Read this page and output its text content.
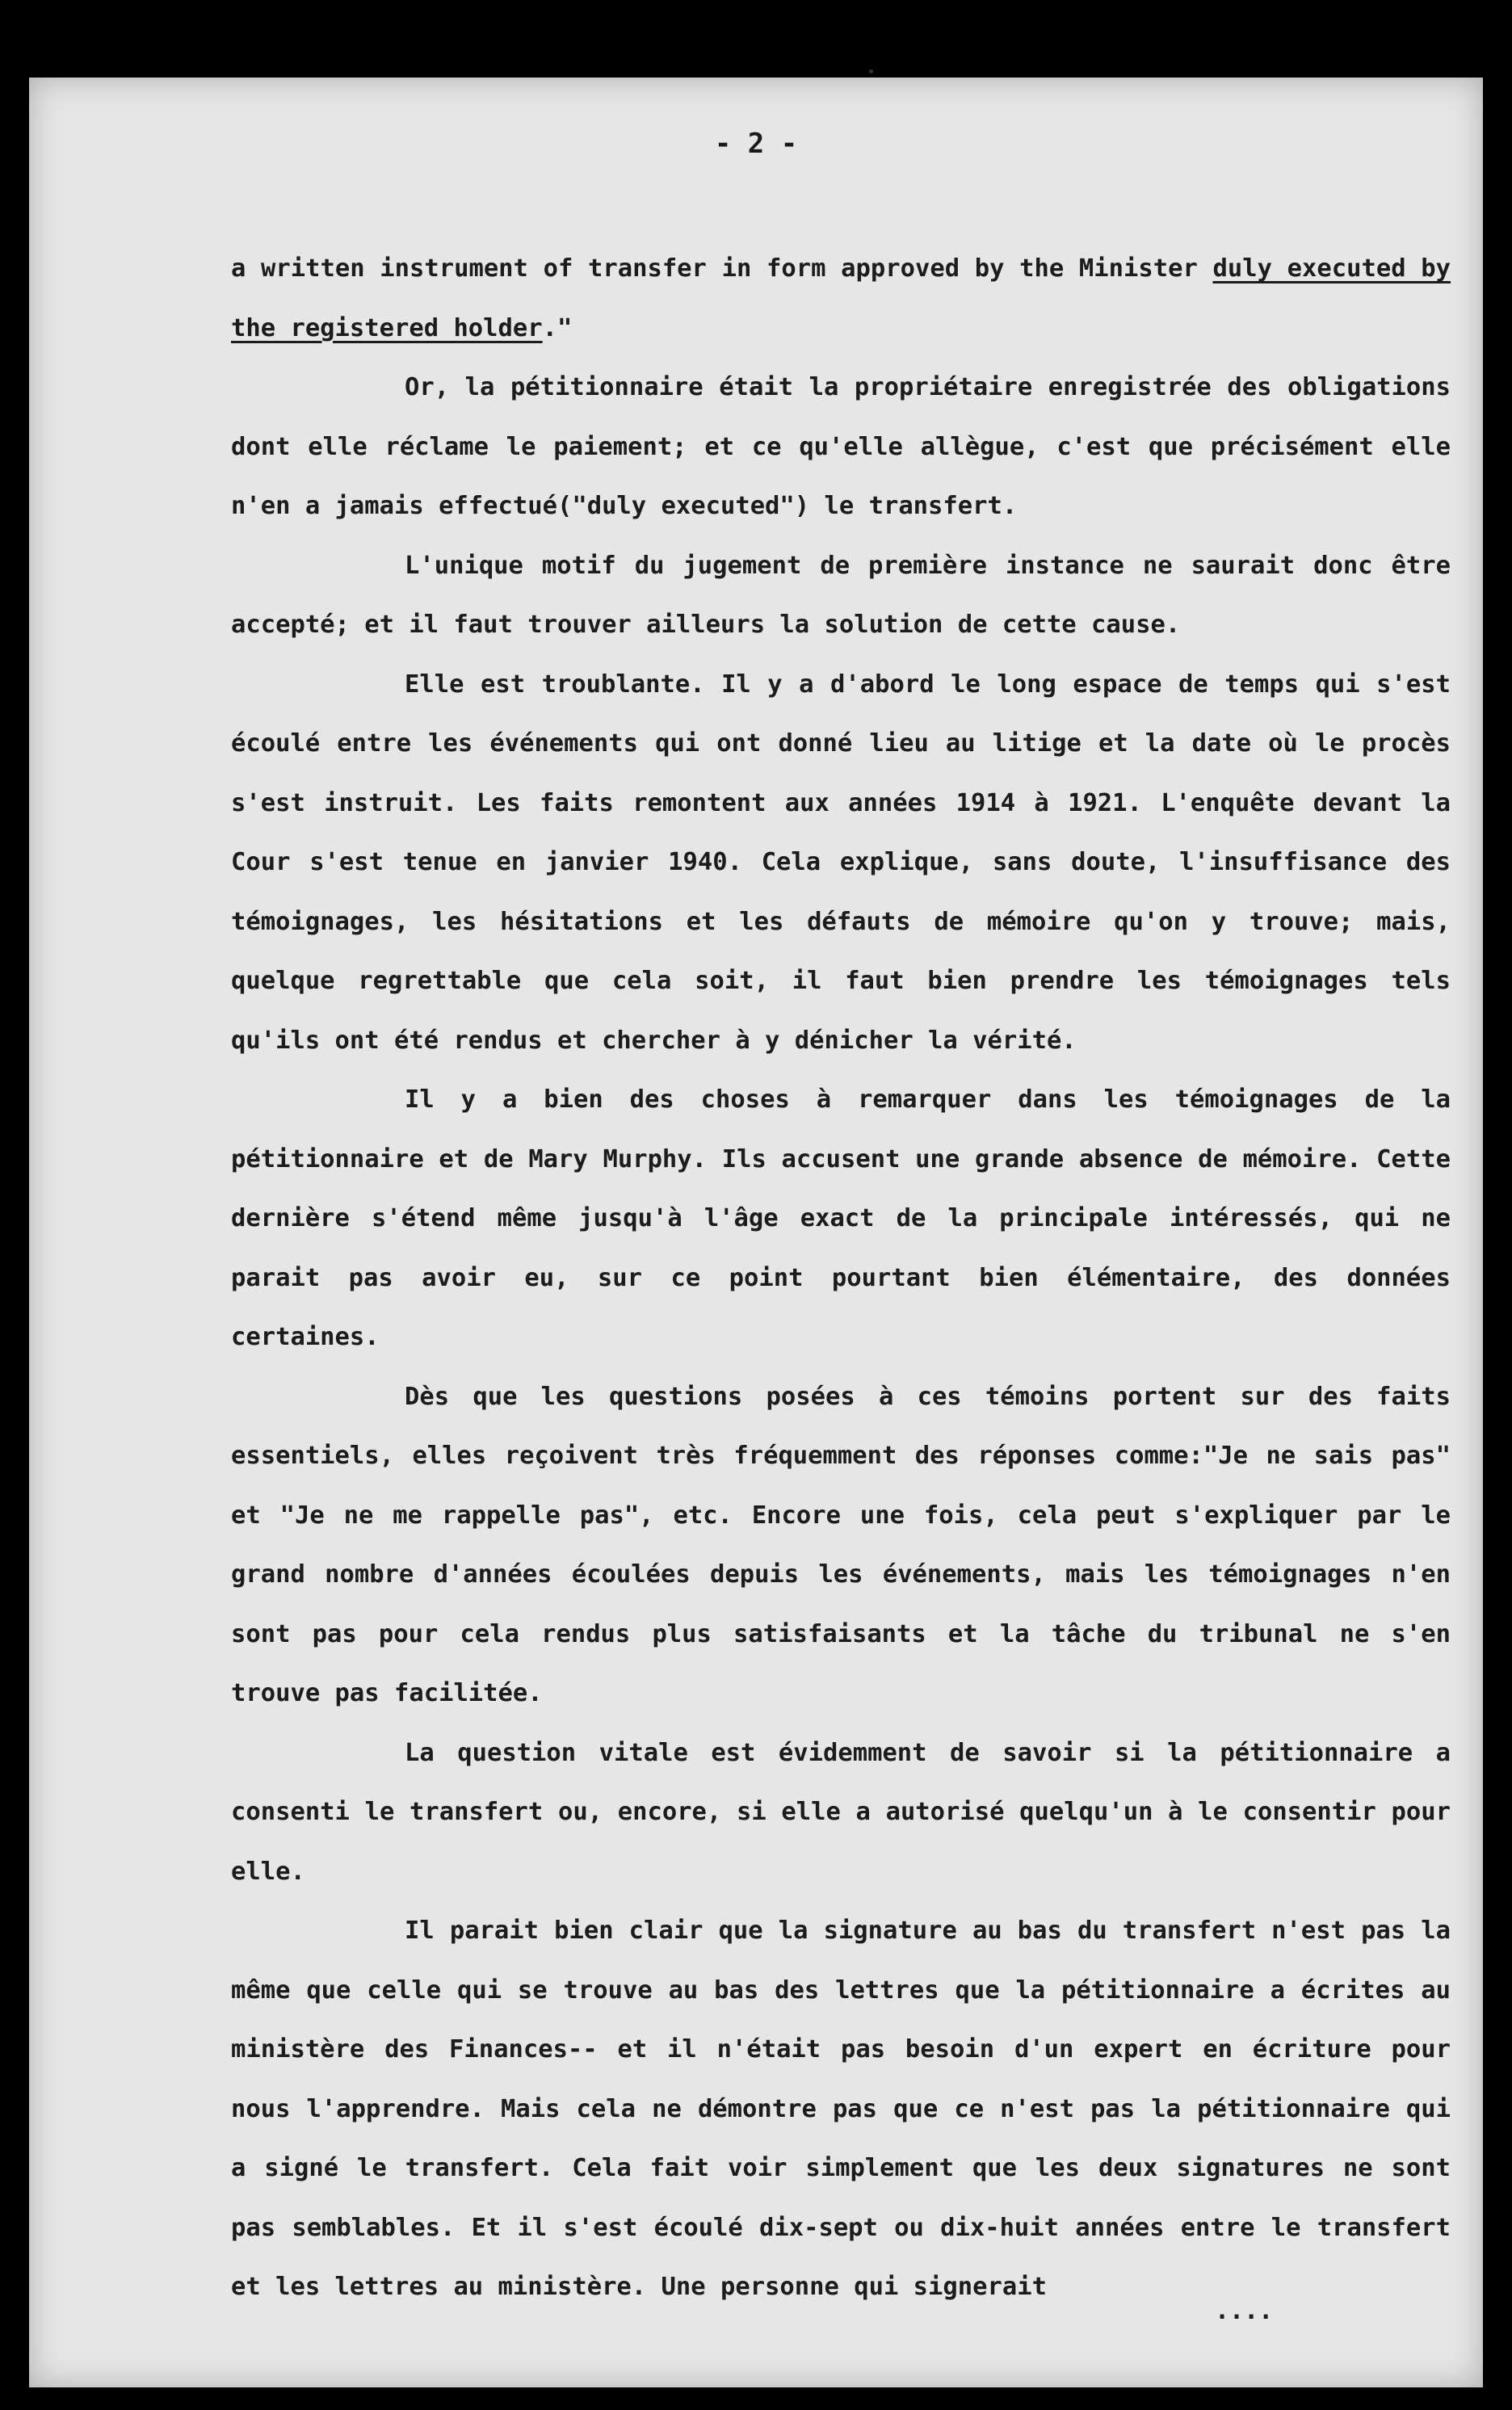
- 2 -

a written instrument of transfer in form approved by the Minister duly executed by the registered holder."

Or, la pétitionnaire était la propriétaire enregistrée des obligations dont elle réclame le paiement; et ce qu'elle allègue, c'est que précisément elle n'en a jamais effectué("duly executed") le transfert.

L'unique motif du jugement de première instance ne saurait donc être accepté; et il faut trouver ailleurs la solution de cette cause.

Elle est troublante. Il y a d'abord le long espace de temps qui s'est écoulé entre les événements qui ont donné lieu au litige et la date où le procès s'est instruit. Les faits remontent aux années 1914 à 1921. L'enquête devant la Cour s'est tenue en janvier 1940. Cela explique, sans doute, l'insuffisance des témoignages, les hésitations et les défauts de mémoire qu'on y trouve; mais, quelque regrettable que cela soit, il faut bien prendre les témoignages tels qu'ils ont été rendus et chercher à y dénicher la vérité.

Il y a bien des choses à remarquer dans les témoignages de la pétitionnaire et de Mary Murphy. Ils accusent une grande absence de mémoire. Cette dernière s'étend même jusqu'à l'âge exact de la principale intéressés, qui ne parait pas avoir eu, sur ce point pourtant bien élémentaire, des données certaines.

Dès que les questions posées à ces témoins portent sur des faits essentiels, elles reçoivent très fréquemment des réponses comme:"Je ne sais pas" et "Je ne me rappelle pas", etc. Encore une fois, cela peut s'expliquer par le grand nombre d'années écoulées depuis les événements, mais les témoignages n'en sont pas pour cela rendus plus satisfaisants et la tâche du tribunal ne s'en trouve pas facilitée.

La question vitale est évidemment de savoir si la pétitionnaire a consenti le transfert ou, encore, si elle a autorisé quelqu'un à le consentir pour elle.

Il parait bien clair que la signature au bas du transfert n'est pas la même que celle qui se trouve au bas des lettres que la pétitionnaire a écrites au ministère des Finances-- et il n'était pas besoin d'un expert en écriture pour nous l'apprendre. Mais cela ne démontre pas que ce n'est pas la pétitionnaire qui a signé le transfert. Cela fait voir simplement que les deux signatures ne sont pas semblables. Et il s'est écoulé dix-sept ou dix-huit années entre le transfert et les lettres au ministère. Une personne qui signerait

....
